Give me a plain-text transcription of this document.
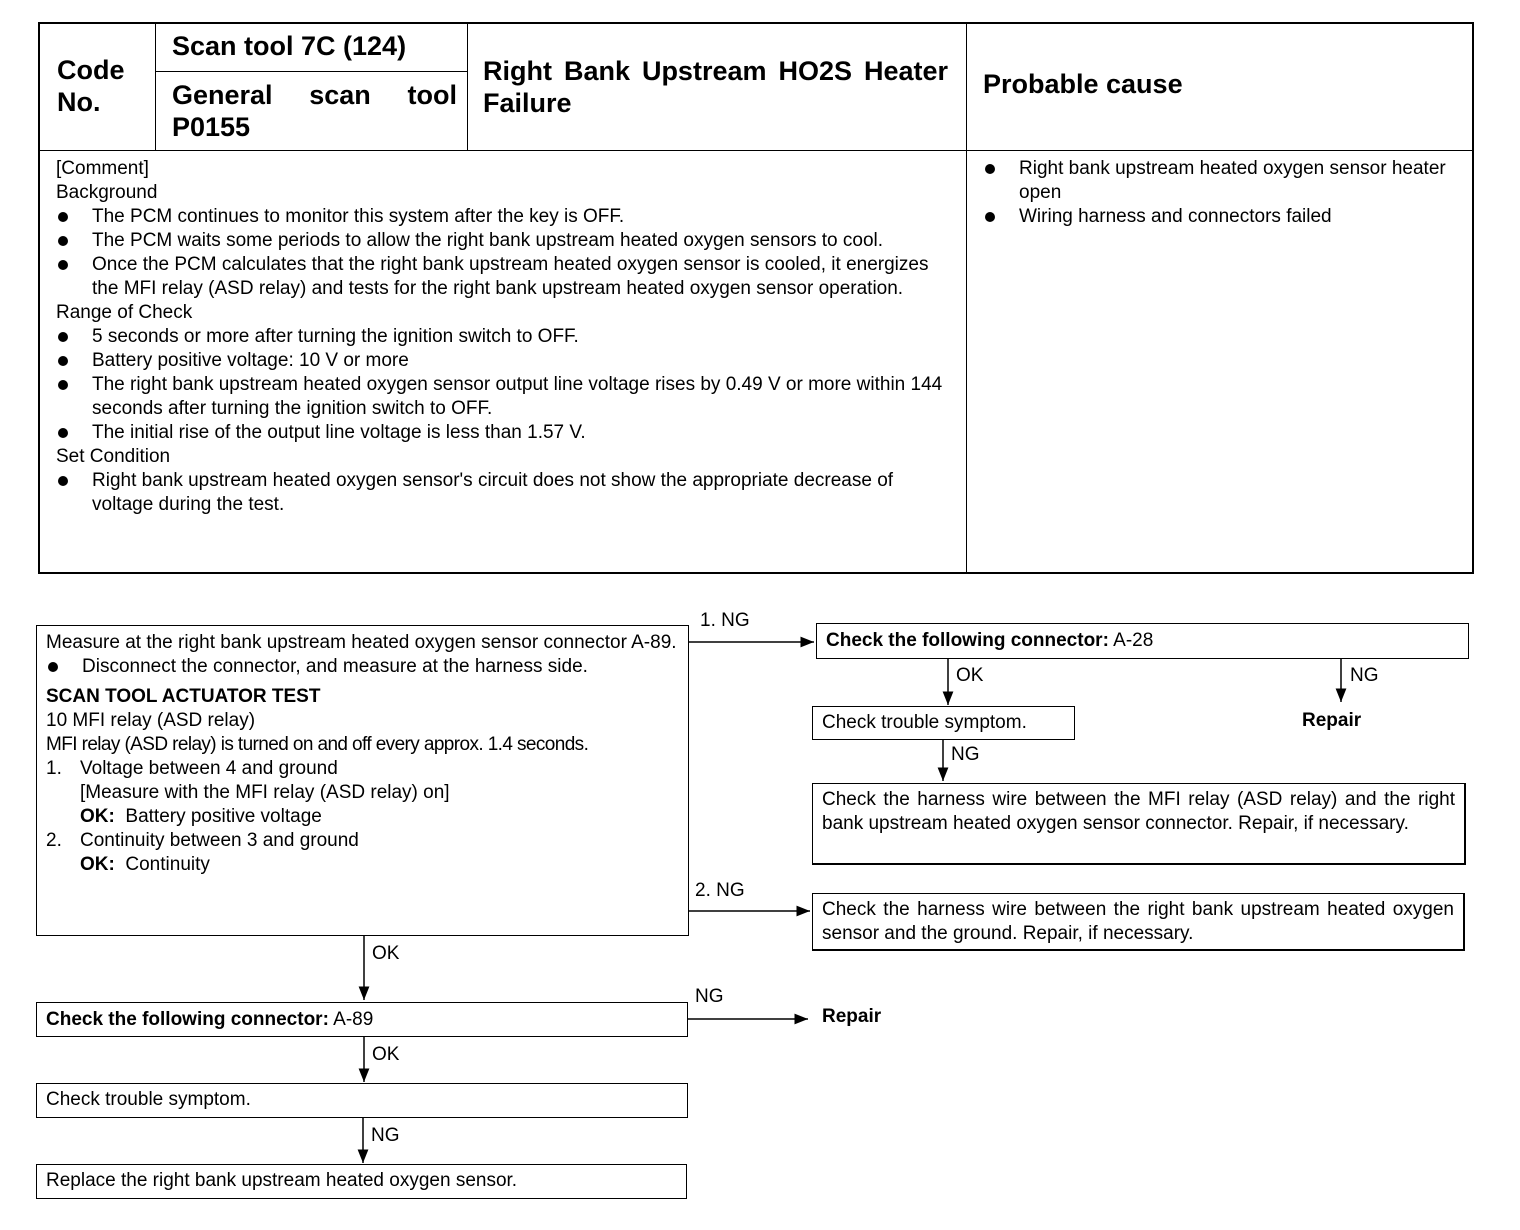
Code No.
Scan tool 7C (124)
General scan tool P0155
Right Bank Upstream HO2S Heater Failure
Probable cause
[Comment]
Background
The PCM continues to monitor this system after the key is OFF.
The PCM waits some periods to allow the right bank upstream heated oxygen sensors to cool.
Once the PCM calculates that the right bank upstream heated oxygen sensor is cooled, it energizes the MFI relay (ASD relay) and tests for the right bank upstream heated oxygen sensor operation.
Range of Check
5 seconds or more after turning the ignition switch to OFF.
Battery positive voltage: 10 V or more
The right bank upstream heated oxygen sensor output line voltage rises by 0.49 V or more within 144 seconds after turning the ignition switch to OFF.
The initial rise of the output line voltage is less than 1.57 V.
Set Condition
Right bank upstream heated oxygen sensor's circuit does not show the appropriate decrease of voltage during the test.
Right bank upstream heated oxygen sensor heater open
Wiring harness and connectors failed
Measure at the right bank upstream heated oxygen sensor connector A-89.
Disconnect the connector, and measure at the harness side.
SCAN TOOL ACTUATOR TEST
10 MFI relay (ASD relay)
MFI relay (ASD relay) is turned on and off every approx. 1.4 seconds.
1. Voltage between 4 and ground
[Measure with the MFI relay (ASD relay) on]
OK: Battery positive voltage
2. Continuity between 3 and ground
OK: Continuity
1. NG
2. NG
Check the following connector: A-28
OK	NG
Repair
Check trouble symptom.
NG
Check the harness wire between the MFI relay (ASD relay) and the right bank upstream heated oxygen sensor connector. Repair, if necessary.
Check the harness wire between the right bank upstream heated oxygen sensor and the ground. Repair, if necessary.
OK
Check the following connector: A-89
NG
Repair
OK
Check trouble symptom.
NG
Replace the right bank upstream heated oxygen sensor.
